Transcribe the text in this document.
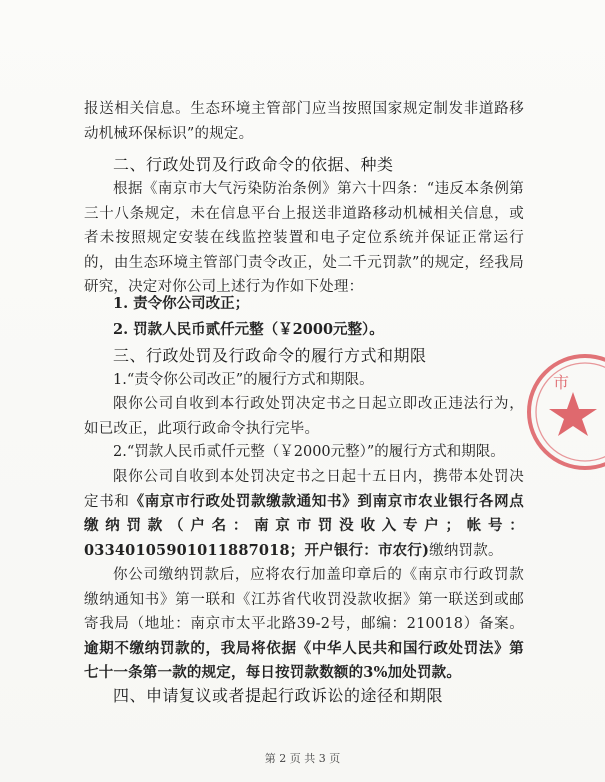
报送相关信息。生态环境主管部门应当按照国家规定制发非道路移动机械环保标识”的规定。
二、行政处罚及行政命令的依据、种类
根据《南京市大气污染防治条例》第六十四条：“违反本条例第三十八条规定，未在信息平台上报送非道路移动机械相关信息，或者未按照规定安装在线监控装置和电子定位系统并保证正常运行的，由生态环境主管部门责令改正，处二千元罚款”的规定，经我局研究，决定对你公司上述行为作如下处理：
1. 责令你公司改正；
2. 罚款人民币贰仟元整（￥2000元整）。
三、行政处罚及行政命令的履行方式和期限
1.“责令你公司改正”的履行方式和期限。
限你公司自收到本行政处罚决定书之日起立即改正违法行为，如已改正，此项行政命令执行完毕。
2.“罚款人民币贰仟元整（￥2000元整）”的履行方式和期限。
限你公司自收到本处罚决定书之日起十五日内，携带本处罚决定书和《南京市行政处罚款缴款通知书》到南京市农业银行各网点缴纳罚款（户名：南京市罚没收入专户；帐号：03340105901011887018；开户银行：市农行)缴纳罚款。
你公司缴纳罚款后，应将农行加盖印章后的《南京市行政罚款缴纳通知书》第一联和《江苏省代收罚没款收据》第一联送到或邮寄我局（地址：南京市太平北路39-2号，邮编：210018）备案。逾期不缴纳罚款的，我局将依据《中华人民共和国行政处罚法》第七十一条第一款的规定，每日按罚款数额的3%加处罚款。
四、申请复议或者提起行政诉讼的途径和期限
第 2 页 共 3 页
市
